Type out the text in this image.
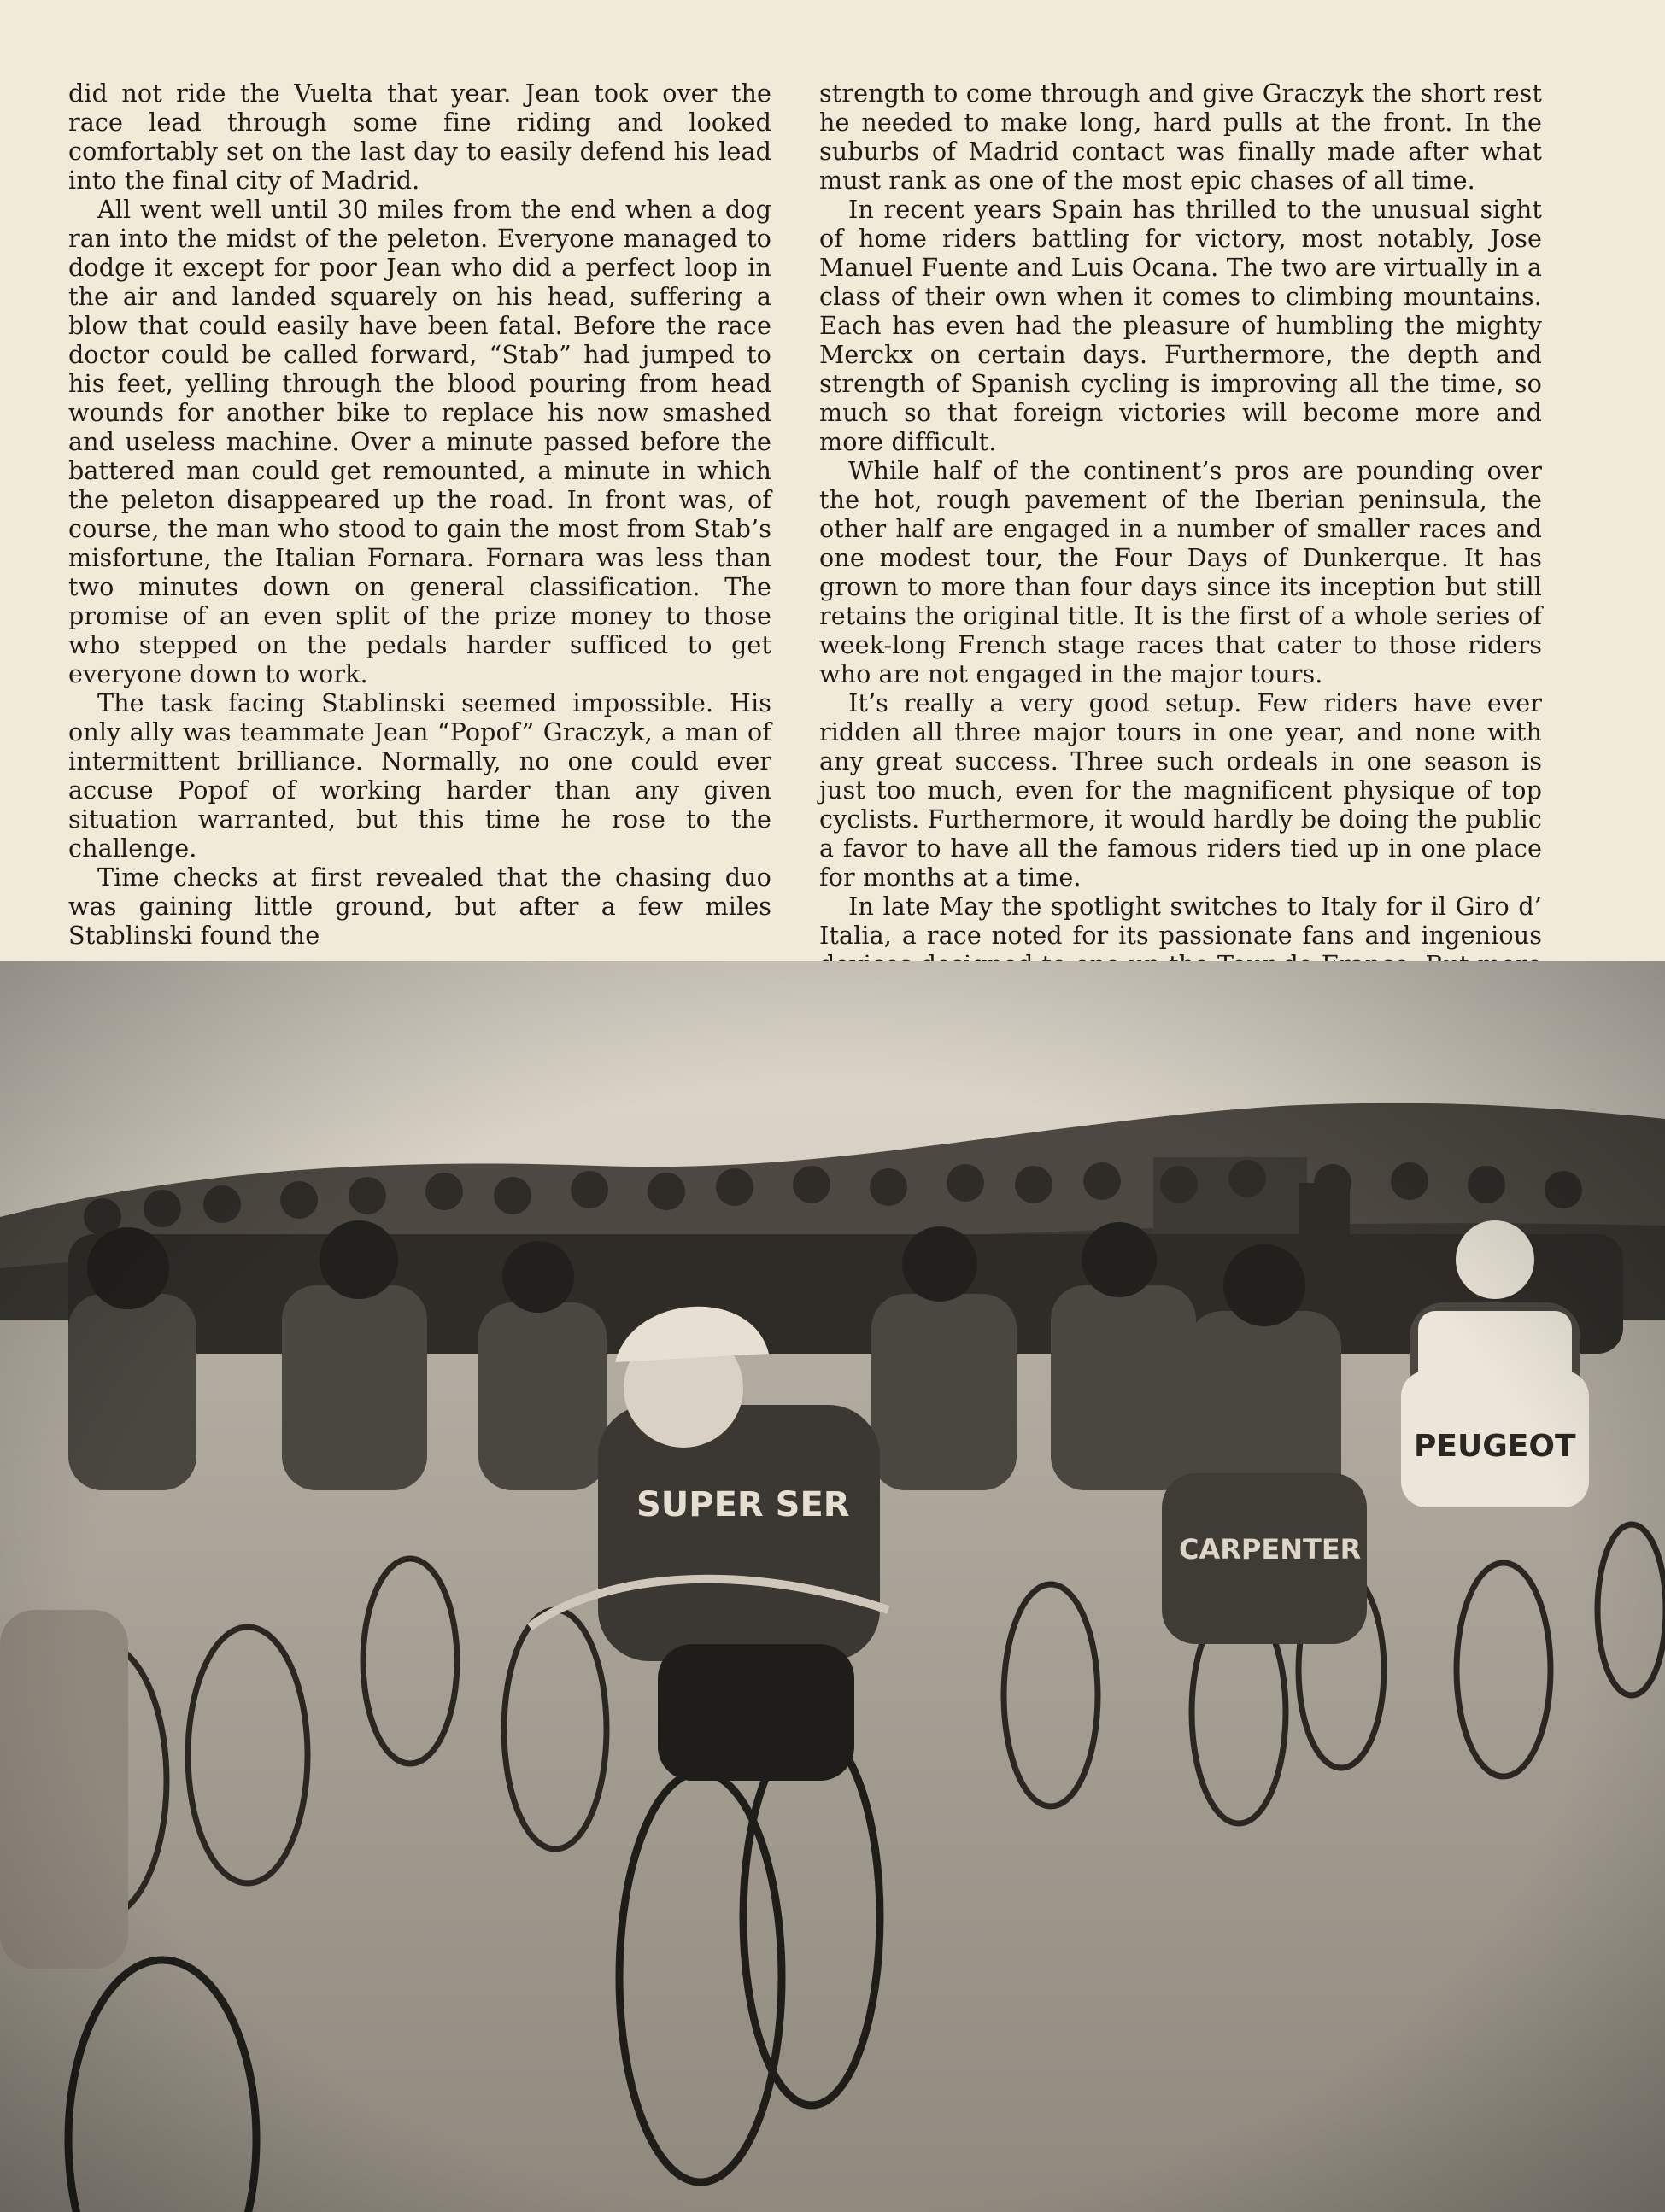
did not ride the Vuelta that year. Jean took over the race lead through some fine riding and looked comfortably set on the last day to easily defend his lead into the final city of Madrid.

All went well until 30 miles from the end when a dog ran into the midst of the peleton. Everyone managed to dodge it except for poor Jean who did a perfect loop in the air and landed squarely on his head, suffering a blow that could easily have been fatal. Before the race doctor could be called forward, “Stab” had jumped to his feet, yelling through the blood pouring from head wounds for another bike to replace his now smashed and useless machine. Over a minute passed before the battered man could get remounted, a minute in which the peleton disappeared up the road. In front was, of course, the man who stood to gain the most from Stab’s misfortune, the Italian Fornara. Fornara was less than two minutes down on general classification. The promise of an even split of the prize money to those who stepped on the pedals harder sufficed to get everyone down to work.

The task facing Stablinski seemed impossible. His only ally was teammate Jean “Popof” Graczyk, a man of intermittent brilliance. Normally, no one could ever accuse Popof of working harder than any given situation warranted, but this time he rose to the challenge.

Time checks at first revealed that the chasing duo was gaining little ground, but after a few miles Stablinski found the

strength to come through and give Graczyk the short rest he needed to make long, hard pulls at the front. In the suburbs of Madrid contact was finally made after what must rank as one of the most epic chases of all time.

In recent years Spain has thrilled to the unusual sight of home riders battling for victory, most notably, Jose Manuel Fuente and Luis Ocana. The two are virtually in a class of their own when it comes to climbing mountains. Each has even had the pleasure of humbling the mighty Merckx on certain days. Furthermore, the depth and strength of Spanish cycling is improving all the time, so much so that foreign victories will become more and more difficult.

While half of the continent’s pros are pounding over the hot, rough pavement of the Iberian peninsula, the other half are engaged in a number of smaller races and one modest tour, the Four Days of Dunkerque. It has grown to more than four days since its inception but still retains the original title. It is the first of a whole series of week-long French stage races that cater to those riders who are not engaged in the major tours.

It’s really a very good setup. Few riders have ever ridden all three major tours in one year, and none with any great success. Three such ordeals in one season is just too much, even for the magnificent physique of top cyclists. Furthermore, it would hardly be doing the public a favor to have all the famous riders tied up in one place for months at a time.

In late May the spotlight switches to Italy for il Giro d’ Italia, a race noted for its passionate fans and ingenious
